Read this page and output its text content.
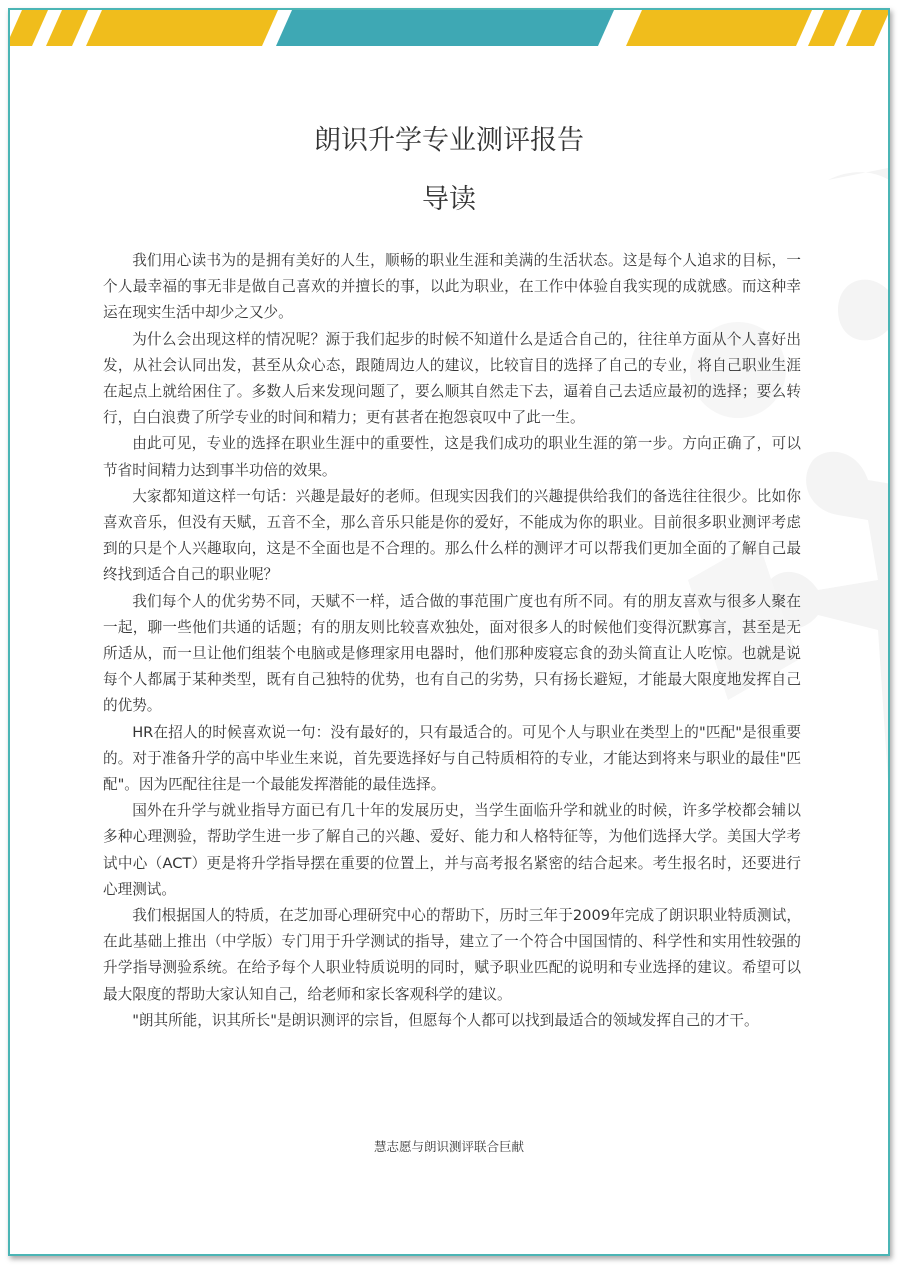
朗识升学专业测评报告
导读

我们用心读书为的是拥有美好的人生，顺畅的职业生涯和美满的生活状态。这是每个人追求的目标，一个人最幸福的事无非是做自己喜欢的并擅长的事，以此为职业，在工作中体验自我实现的成就感。而这种幸运在现实生活中却少之又少。

为什么会出现这样的情况呢？源于我们起步的时候不知道什么是适合自己的，往往单方面从个人喜好出发，从社会认同出发，甚至从众心态，跟随周边人的建议，比较盲目的选择了自己的专业，将自己职业生涯在起点上就给困住了。多数人后来发现问题了，要么顺其自然走下去，逼着自己去适应最初的选择；要么转行，白白浪费了所学专业的时间和精力；更有甚者在抱怨哀叹中了此一生。

由此可见，专业的选择在职业生涯中的重要性，这是我们成功的职业生涯的第一步。方向正确了，可以节省时间精力达到事半功倍的效果。

大家都知道这样一句话：兴趣是最好的老师。但现实因我们的兴趣提供给我们的备选往往很少。比如你喜欢音乐，但没有天赋，五音不全，那么音乐只能是你的爱好，不能成为你的职业。目前很多职业测评考虑到的只是个人兴趣取向，这是不全面也是不合理的。那么什么样的测评才可以帮我们更加全面的了解自己最终找到适合自己的职业呢？

我们每个人的优劣势不同，天赋不一样，适合做的事范围广度也有所不同。有的朋友喜欢与很多人聚在一起，聊一些他们共通的话题；有的朋友则比较喜欢独处，面对很多人的时候他们变得沉默寡言，甚至是无所适从，而一旦让他们组装个电脑或是修理家用电器时，他们那种废寝忘食的劲头简直让人吃惊。也就是说每个人都属于某种类型，既有自己独特的优势，也有自己的劣势，只有扬长避短，才能最大限度地发挥自己的优势。

HR在招人的时候喜欢说一句：没有最好的，只有最适合的。可见个人与职业在类型上的"匹配"是很重要的。对于准备升学的高中毕业生来说，首先要选择好与自己特质相符的专业，才能达到将来与职业的最佳"匹配"。因为匹配往往是一个最能发挥潜能的最佳选择。

国外在升学与就业指导方面已有几十年的发展历史，当学生面临升学和就业的时候，许多学校都会辅以多种心理测验，帮助学生进一步了解自己的兴趣、爱好、能力和人格特征等，为他们选择大学。美国大学考试中心（ACT）更是将升学指导摆在重要的位置上，并与高考报名紧密的结合起来。考生报名时，还要进行心理测试。

我们根据国人的特质，在芝加哥心理研究中心的帮助下，历时三年于2009年完成了朗识职业特质测试，在此基础上推出（中学版）专门用于升学测试的指导，建立了一个符合中国国情的、科学性和实用性较强的升学指导测验系统。在给予每个人职业特质说明的同时，赋予职业匹配的说明和专业选择的建议。希望可以最大限度的帮助大家认知自己，给老师和家长客观科学的建议。

"朗其所能，识其所长"是朗识测评的宗旨，但愿每个人都可以找到最适合的领域发挥自己的才干。

慧志愿与朗识测评联合巨献
